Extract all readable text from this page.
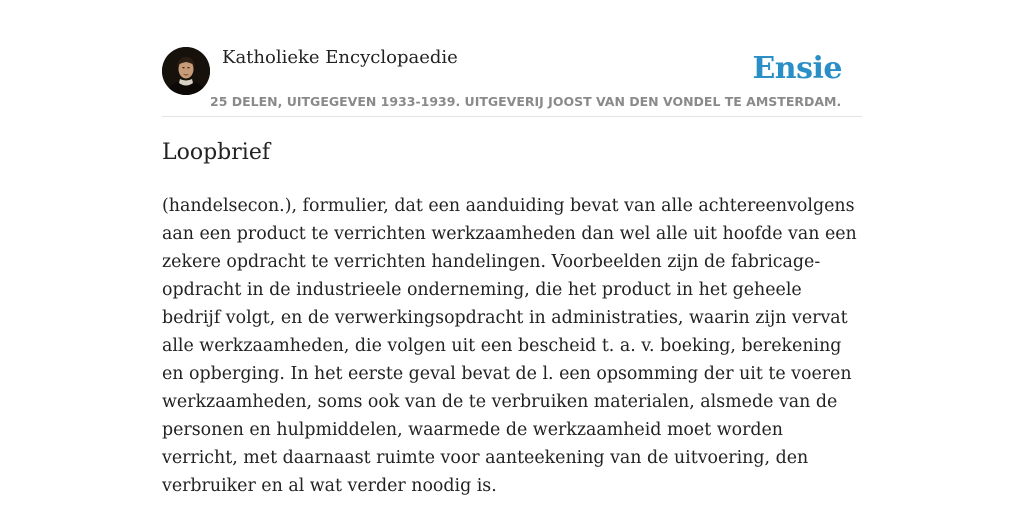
Katholieke Encyclopaedie	Ensie
25 DELEN, UITGEGEVEN 1933-1939. UITGEVERIJ JOOST VAN DEN VONDEL TE AMSTERDAM.
Loopbrief

(handelsecon.), formulier, dat een aanduiding bevat van alle achtereenvolgens aan een product te verrichten werkzaamheden dan wel alle uit hoofde van een zekere opdracht te verrichten handelingen. Voorbeelden zijn de fabricage-opdracht in de industrieele onderneming, die het product in het geheele bedrijf volgt, en de verwerkingsopdracht in administraties, waarin zijn vervat alle werkzaamheden, die volgen uit een bescheid t. a. v. boeking, berekening en opberging. In het eerste geval bevat de l. een opsomming der uit te voeren werkzaamheden, soms ook van de te verbruiken materialen, alsmede van de personen en hulpmiddelen, waarmede de werkzaamheid moet worden verricht, met daarnaast ruimte voor aanteekening van de uitvoering, den verbruiker en al wat verder noodig is.
